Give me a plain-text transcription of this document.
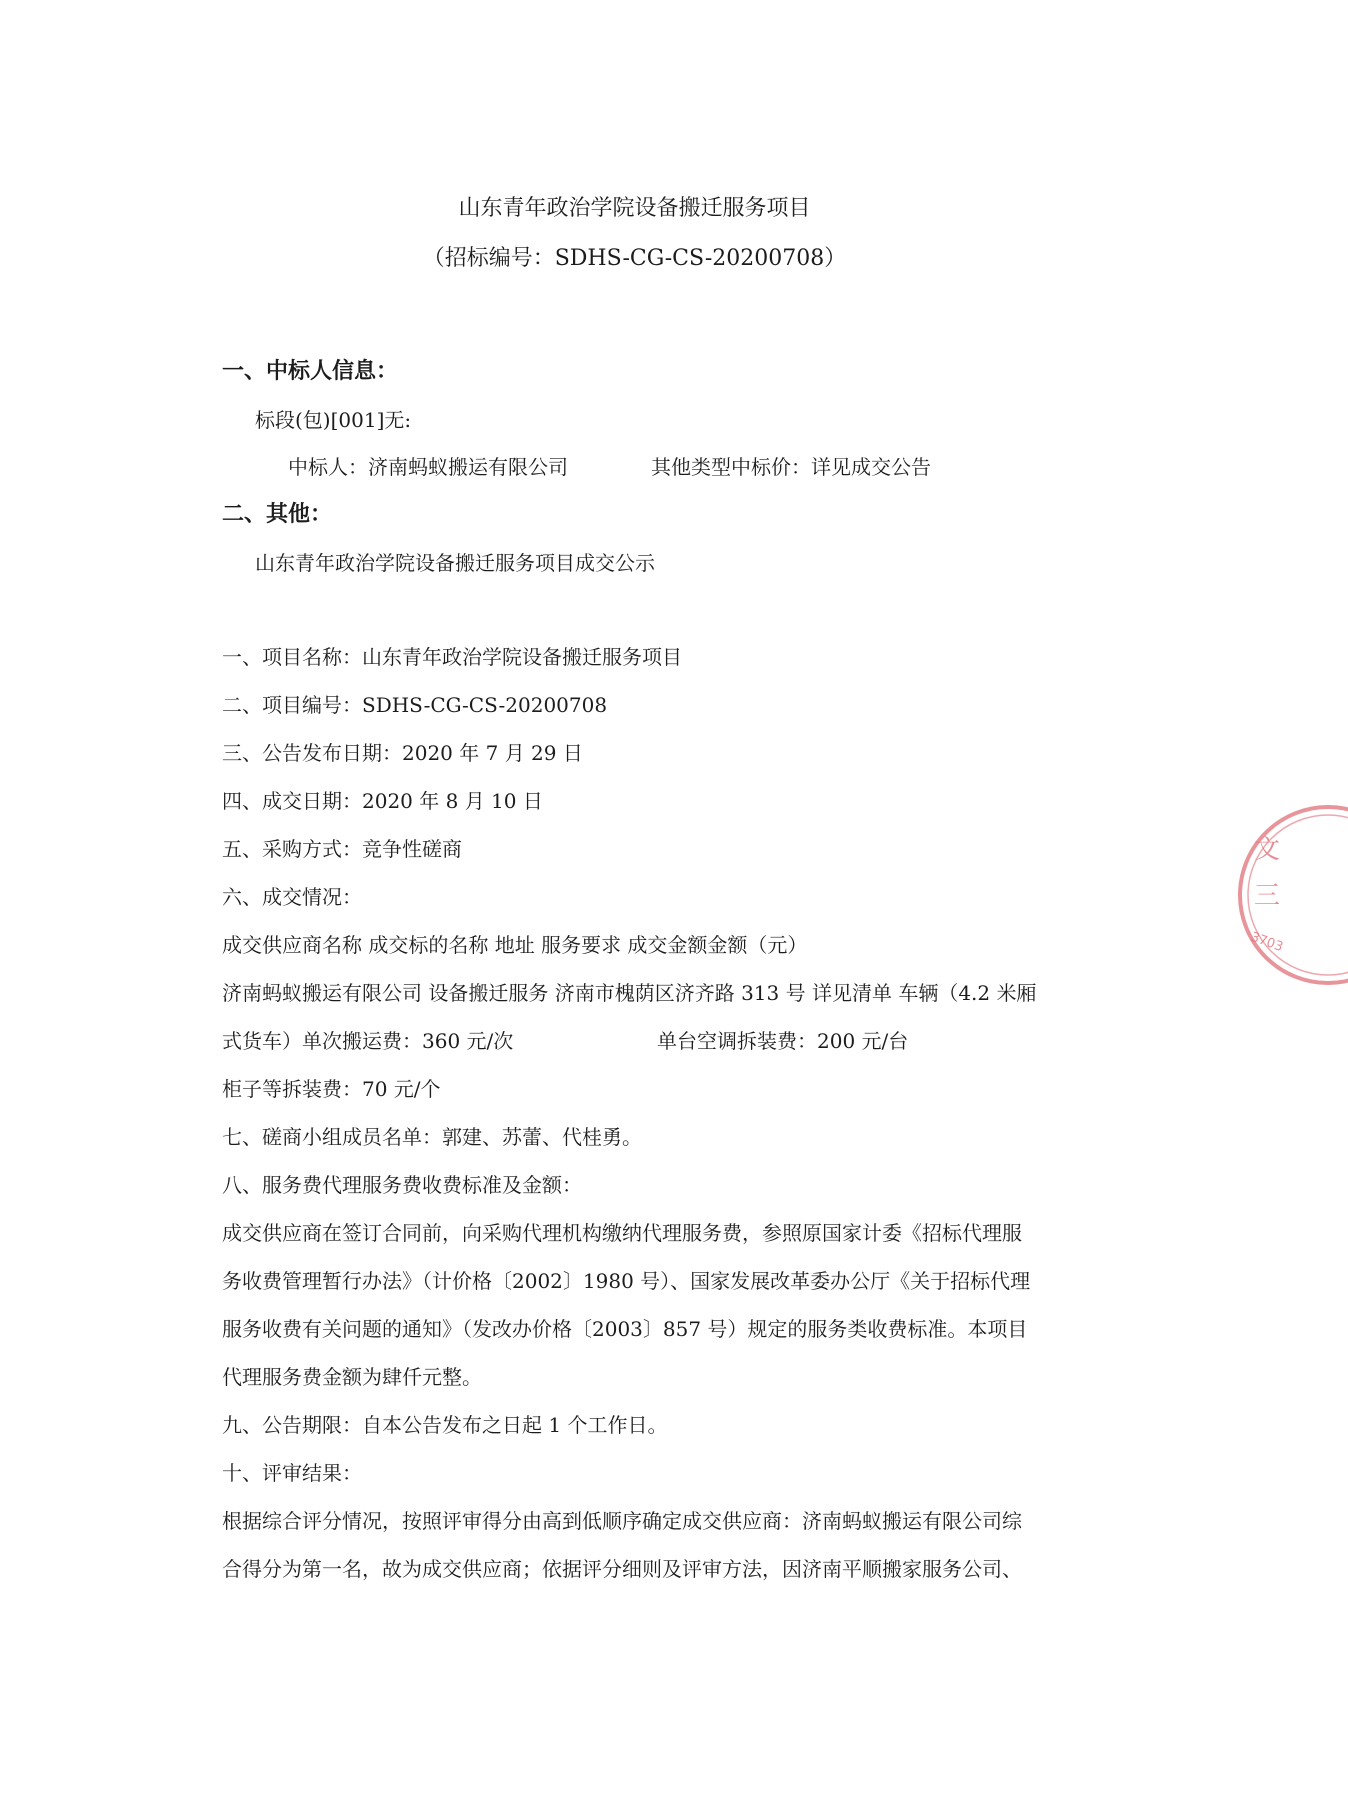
山东青年政治学院设备搬迁服务项目
（招标编号：SDHS-CG-CS-20200708）
一、中标人信息：
标段(包)[001]无:
中标人：济南蚂蚁搬运有限公司	其他类型中标价：详见成交公告
二、其他：
山东青年政治学院设备搬迁服务项目成交公示
一、项目名称：山东青年政治学院设备搬迁服务项目
二、项目编号：SDHS-CG-CS-20200708
三、公告发布日期：2020 年 7 月 29 日
四、成交日期：2020 年 8 月 10 日
五、采购方式：竞争性磋商
六、成交情况：
成交供应商名称 成交标的名称 地址 服务要求 成交金额金额（元）
济南蚂蚁搬运有限公司 设备搬迁服务 济南市槐荫区济齐路 313 号 详见清单 车辆（4.2 米厢
式货车）单次搬运费：360 元/次	单台空调拆装费：200 元/台
柜子等拆装费：70 元/个
七、磋商小组成员名单：郭建、苏蕾、代桂勇。
八、服务费代理服务费收费标准及金额：
成交供应商在签订合同前，向采购代理机构缴纳代理服务费，参照原国家计委《招标代理服
务收费管理暂行办法》（计价格〔2002〕1980 号）、国家发展改革委办公厅《关于招标代理
服务收费有关问题的通知》（发改办价格〔2003〕857 号）规定的服务类收费标准。本项目
代理服务费金额为肆仟元整。
九、公告期限：自本公告发布之日起 1 个工作日。
十、评审结果：
根据综合评分情况，按照评审得分由高到低顺序确定成交供应商：济南蚂蚁搬运有限公司综
合得分为第一名，故为成交供应商；依据评分细则及评审方法，因济南平顺搬家服务公司、
文
三
3703
